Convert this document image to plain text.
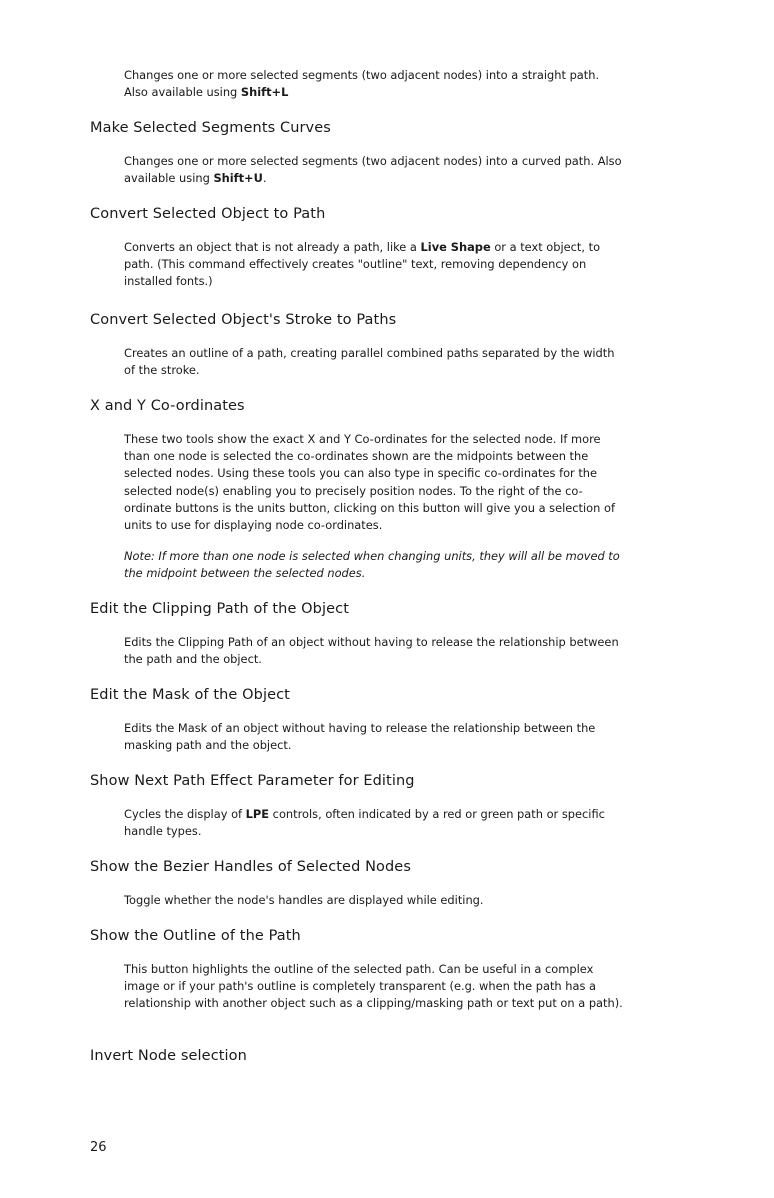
Changes one or more selected segments (two adjacent nodes) into a straight path. Also available using Shift+L

Make Selected Segments Curves

Changes one or more selected segments (two adjacent nodes) into a curved path. Also available using Shift+U.

Convert Selected Object to Path

Converts an object that is not already a path, like a Live Shape or a text object, to path. (This command effectively creates "outline" text, removing dependency on installed fonts.)

Convert Selected Object's Stroke to Paths

Creates an outline of a path, creating parallel combined paths separated by the width of the stroke.

X and Y Co-ordinates

These two tools show the exact X and Y Co-ordinates for the selected node. If more than one node is selected the co-ordinates shown are the midpoints between the selected nodes. Using these tools you can also type in specific co-ordinates for the selected node(s) enabling you to precisely position nodes. To the right of the co-ordinate buttons is the units button, clicking on this button will give you a selection of units to use for displaying node co-ordinates.

Note: If more than one node is selected when changing units, they will all be moved to the midpoint between the selected nodes.

Edit the Clipping Path of the Object

Edits the Clipping Path of an object without having to release the relationship between the path and the object.

Edit the Mask of the Object

Edits the Mask of an object without having to release the relationship between the masking path and the object.

Show Next Path Effect Parameter for Editing

Cycles the display of LPE controls, often indicated by a red or green path or specific handle types.

Show the Bezier Handles of Selected Nodes

Toggle whether the node's handles are displayed while editing.

Show the Outline of the Path

This button highlights the outline of the selected path. Can be useful in a complex image or if your path's outline is completely transparent (e.g. when the path has a relationship with another object such as a clipping/masking path or text put on a path).

Invert Node selection
26
